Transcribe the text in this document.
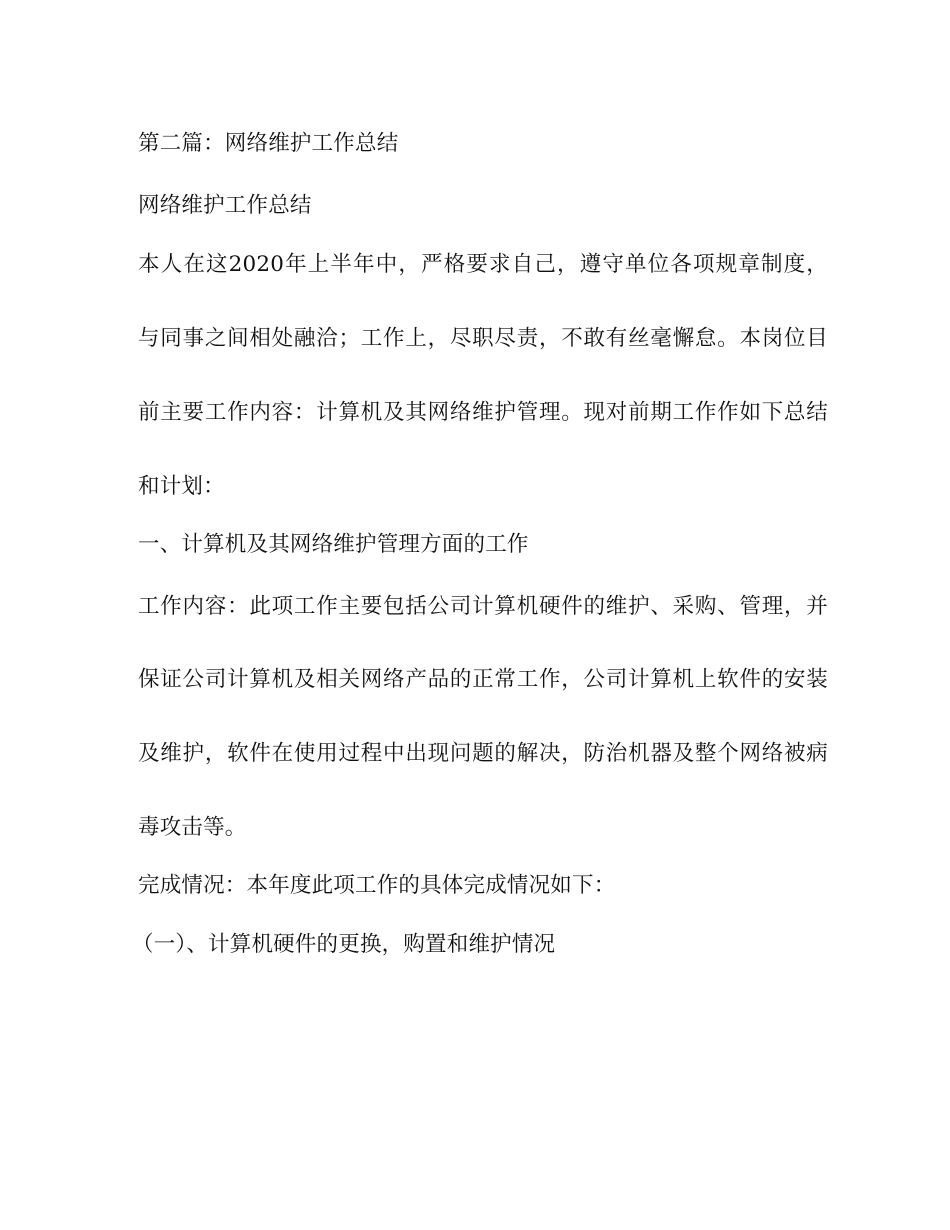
第二篇：网络维护工作总结

网络维护工作总结

本人在这2020年上半年中，严格要求自己，遵守单位各项规章制度，

与同事之间相处融洽；工作上，尽职尽责，不敢有丝毫懈怠。本岗位目

前主要工作内容：计算机及其网络维护管理。现对前期工作作如下总结

和计划：

一、计算机及其网络维护管理方面的工作

工作内容：此项工作主要包括公司计算机硬件的维护、采购、管理，并

保证公司计算机及相关网络产品的正常工作，公司计算机上软件的安装

及维护，软件在使用过程中出现问题的解决，防治机器及整个网络被病

毒攻击等。

完成情况：本年度此项工作的具体完成情况如下：

（一）、计算机硬件的更换，购置和维护情况
